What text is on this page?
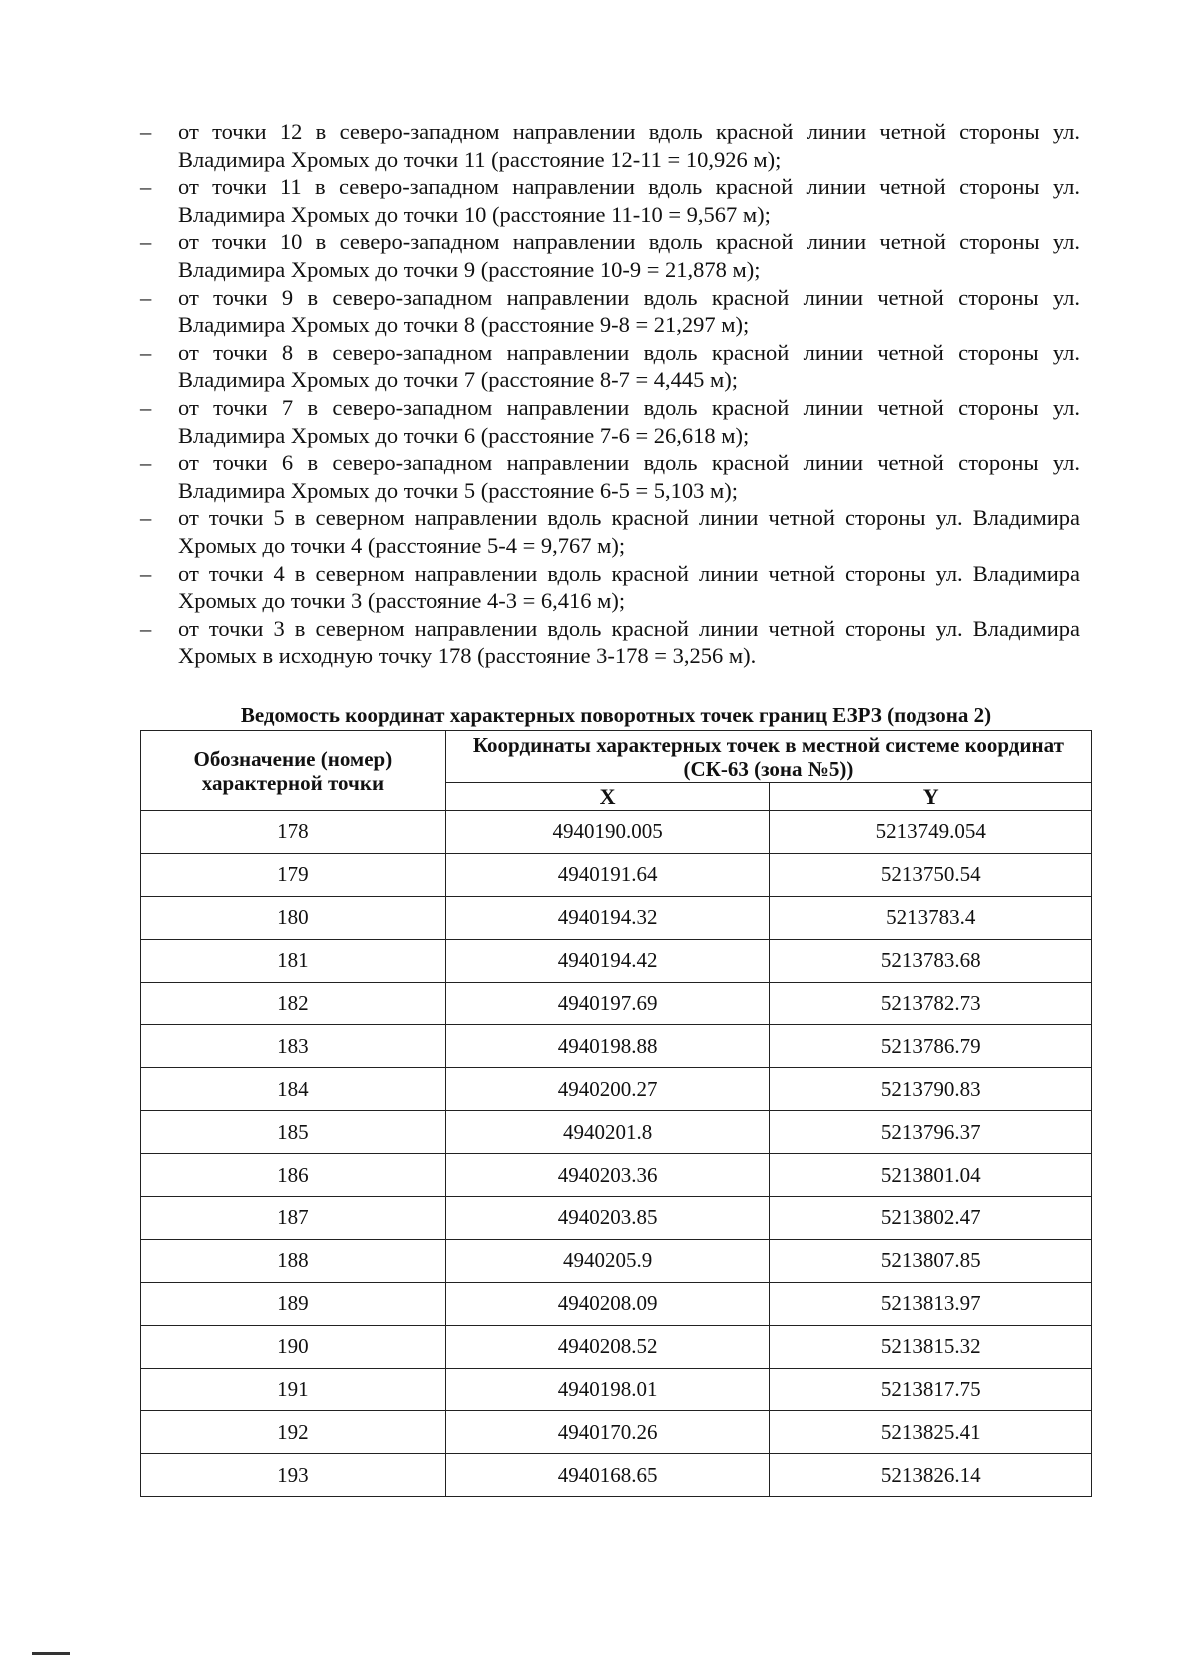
– от точки 12 в северо-западном направлении вдоль красной линии четной стороны ул. Владимира Хромых до точки 11 (расстояние 12-11 = 10,926 м);
– от точки 11 в северо-западном направлении вдоль красной линии четной стороны ул. Владимира Хромых до точки 10 (расстояние 11-10 = 9,567 м);
– от точки 10 в северо-западном направлении вдоль красной линии четной стороны ул. Владимира Хромых до точки 9 (расстояние 10-9 = 21,878 м);
– от точки 9 в северо-западном направлении вдоль красной линии четной стороны ул. Владимира Хромых до точки 8 (расстояние 9-8 = 21,297 м);
– от точки 8 в северо-западном направлении вдоль красной линии четной стороны ул. Владимира Хромых до точки 7 (расстояние 8-7 = 4,445 м);
– от точки 7 в северо-западном направлении вдоль красной линии четной стороны ул. Владимира Хромых до точки 6 (расстояние 7-6 = 26,618 м);
– от точки 6 в северо-западном направлении вдоль красной линии четной стороны ул. Владимира Хромых до точки 5 (расстояние 6-5 = 5,103 м);
– от точки 5 в северном направлении вдоль красной линии четной стороны ул. Владимира Хромых до точки 4 (расстояние 5-4 = 9,767 м);
– от точки 4 в северном направлении вдоль красной линии четной стороны ул. Владимира Хромых до точки 3 (расстояние 4-3 = 6,416 м);
– от точки 3 в северном направлении вдоль красной линии четной стороны ул. Владимира Хромых в исходную точку 178 (расстояние 3-178 = 3,256 м).
Ведомость координат характерных поворотных точек границ ЕЗРЗ (подзона 2)
Обозначение (номер) характерной точки	Координаты характерных точек в местной системе координат (СК-63 (зона №5))	
	X	Y
178	4940190.005	5213749.054
179	4940191.64	5213750.54
180	4940194.32	5213783.4
181	4940194.42	5213783.68
182	4940197.69	5213782.73
183	4940198.88	5213786.79
184	4940200.27	5213790.83
185	4940201.8	5213796.37
186	4940203.36	5213801.04
187	4940203.85	5213802.47
188	4940205.9	5213807.85
189	4940208.09	5213813.97
190	4940208.52	5213815.32
191	4940198.01	5213817.75
192	4940170.26	5213825.41
193	4940168.65	5213826.14
